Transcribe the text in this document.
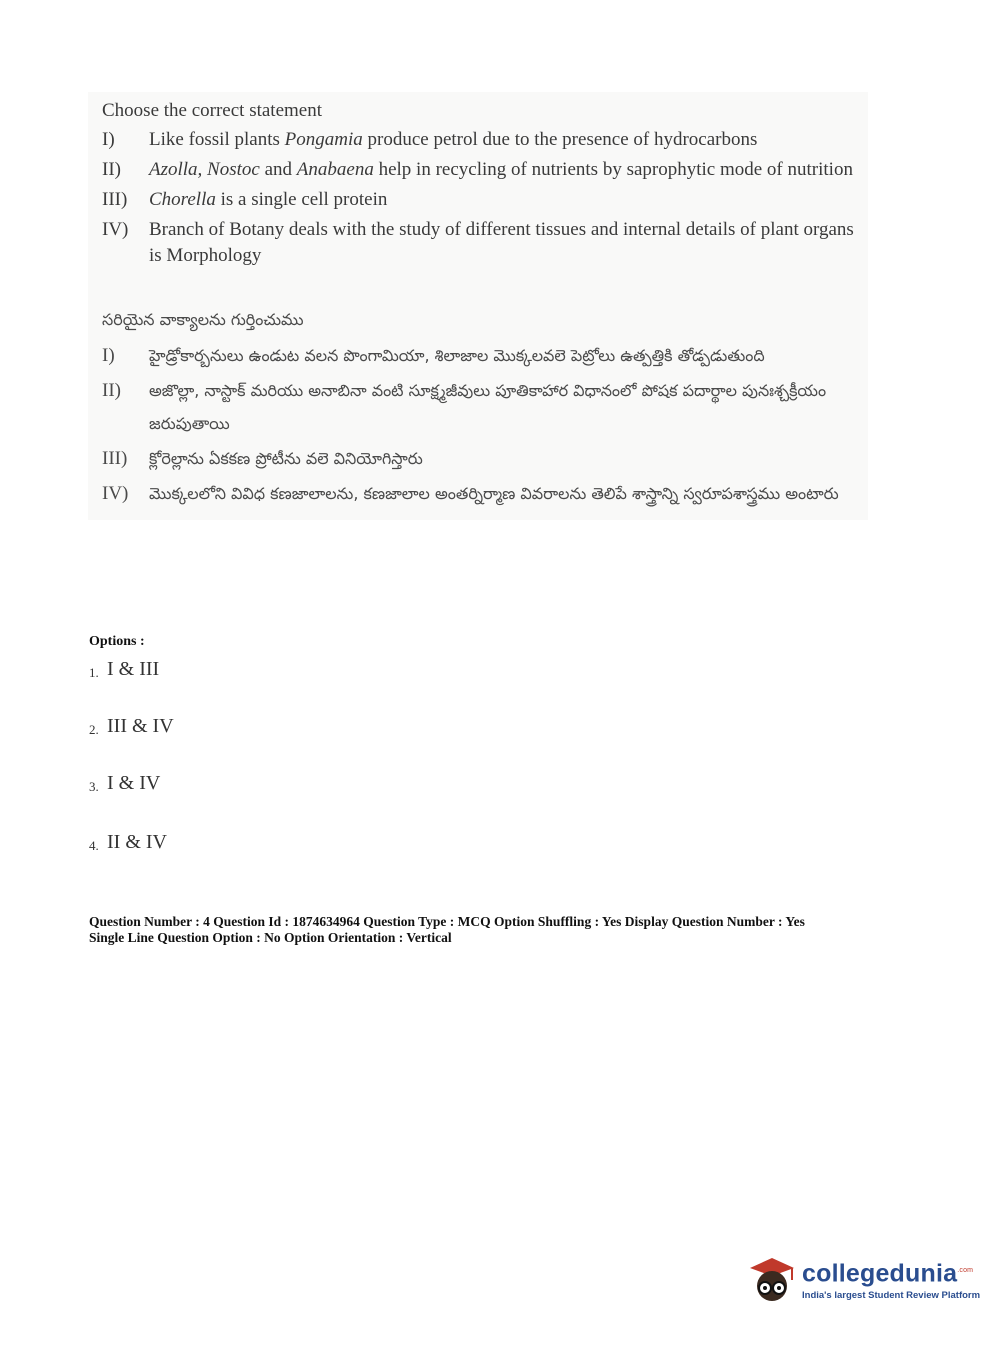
Choose the correct statement
I)	Like fossil plants Pongamia produce petrol due to the presence of hydrocarbons
II)	Azolla, Nostoc and Anabaena help in recycling of nutrients by saprophytic mode of nutrition
III)	Chorella is a single cell protein
IV)	Branch of Botany deals with the study of different tissues and internal details of plant organs is Morphology
సరియైన వాక్యాలను గుర్తించుము
I)	హైడ్రోకార్బనులు ఉండుట వలన పొంగామియా, శిలాజాల మొక్కలవలె పెట్రోలు ఉత్పత్తికి తోడ్పడుతుంది
II)	అజొల్లా, నాస్టాక్ మరియు అనాబినా వంటి సూక్ష్మజీవులు పూతికాహార విధానంలో పోషక పదార్థాల పునఃశ్చక్రీయం జరుపుతాయి
III)	క్లోరెల్లాను ఏకకణ ప్రోటీను వలె వినియోగిస్తారు
IV)	మొక్కలలోని వివిధ కణజాలాలను, కణజాలాల అంతర్నిర్మాణ వివరాలను తెలిపే శాస్త్రాన్ని స్వరూపశాస్త్రము అంటారు
Options :
1. I & III
2. III & IV
3. I & IV
4. II & IV
Question Number : 4 Question Id : 1874634964 Question Type : MCQ Option Shuffling : Yes Display Question Number : Yes
Single Line Question Option : No Option Orientation : Vertical
collegedunia$^{.com}$
India's largest Student Review Platform
